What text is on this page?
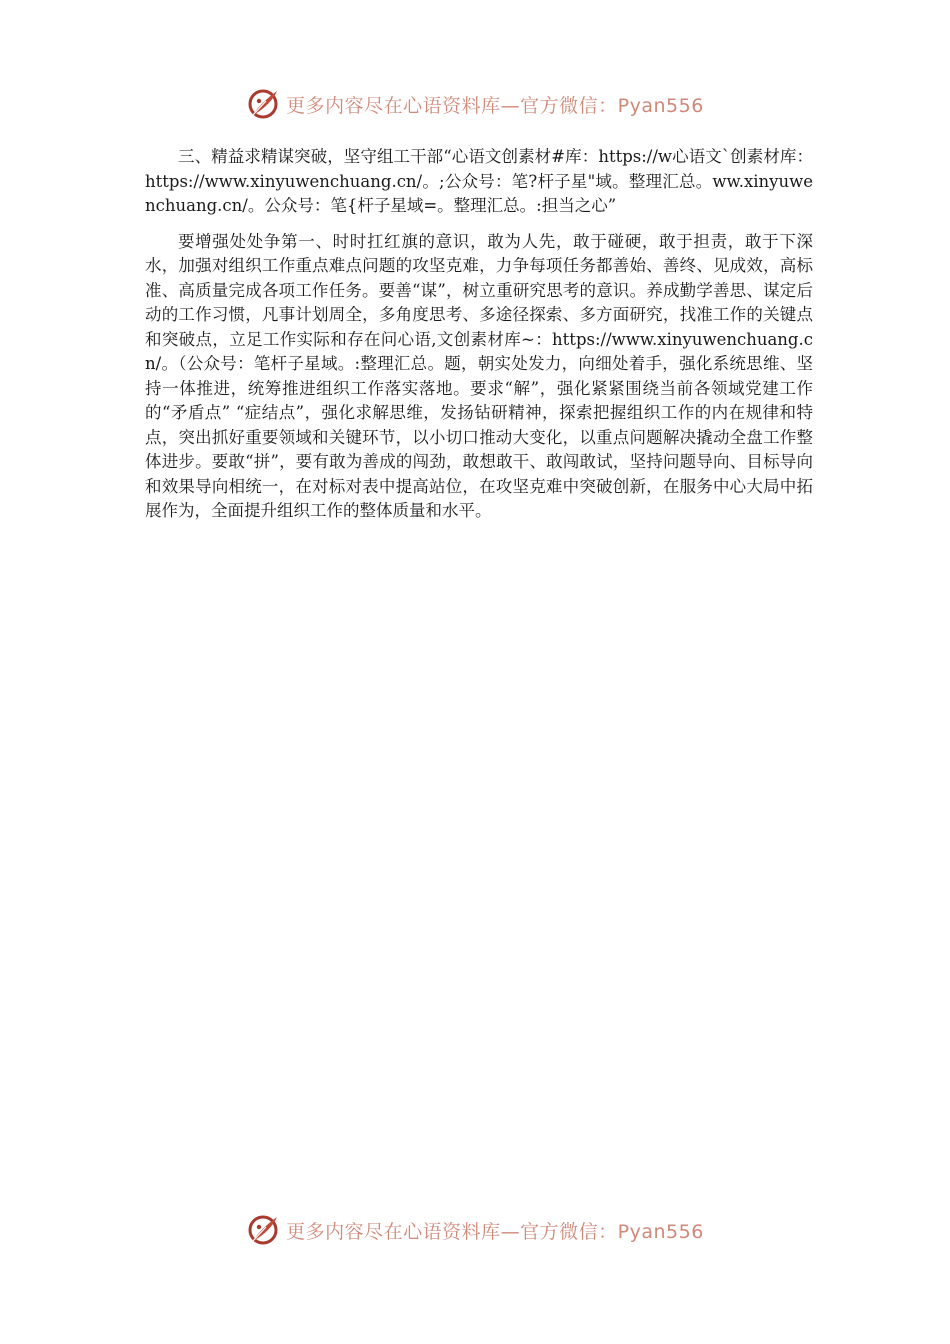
更多内容尽在心语资料库—官方微信：Pyan556

三、精益求精谋突破，坚守组工干部“心语文创素材#库：https://w心语文`创素材库：https://www.xinyuwenchuang.cn/。;公众号：笔?杆子星"域。整理汇总。ww.xinyuwenchuang.cn/。公众号：笔{杆子星域=。整理汇总。:担当之心”

要增强处处争第一、时时扛红旗的意识，敢为人先，敢于碰硬，敢于担责，敢于下深水，加强对组织工作重点难点问题的攻坚克难，力争每项任务都善始、善终、见成效，高标准、高质量完成各项工作任务。要善“谋”，树立重研究思考的意识。养成勤学善思、谋定后动的工作习惯，凡事计划周全，多角度思考、多途径探索、多方面研究，找准工作的关键点和突破点，立足工作实际和存在问心语,文创素材库~：https://www.xinyuwenchuang.cn/。（公众号：笔杆子星域。:整理汇总。题，朝实处发力，向细处着手，强化系统思维、坚持一体推进，统筹推进组织工作落实落地。要求“解”，强化紧紧围绕当前各领域党建工作的“矛盾点” “症结点”，强化求解思维，发扬钻研精神，探索把握组织工作的内在规律和特点，突出抓好重要领域和关键环节，以小切口推动大变化，以重点问题解决撬动全盘工作整体进步。要敢“拼”，要有敢为善成的闯劲，敢想敢干、敢闯敢试，坚持问题导向、目标导向和效果导向相统一，在对标对表中提高站位，在攻坚克难中突破创新，在服务中心大局中拓展作为，全面提升组织工作的整体质量和水平。

更多内容尽在心语资料库—官方微信：Pyan556
